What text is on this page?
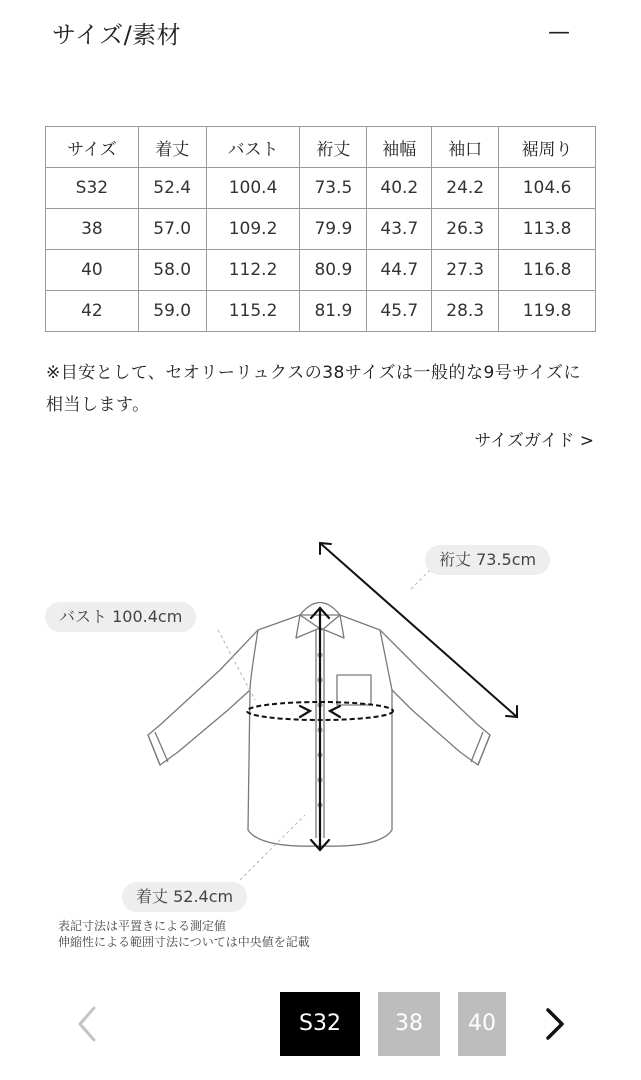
サイズ/素材	—
サイズ	着丈	バスト	裄丈	袖幅	袖口	裾周り
S32	52.4	100.4	73.5	40.2	24.2	104.6
38	57.0	109.2	79.9	43.7	26.3	113.8
40	58.0	112.2	80.9	44.7	27.3	116.8
42	59.0	115.2	81.9	45.7	28.3	119.8
※目安として、セオリーリュクスの38サイズは一般的な9号サイズに相当します。
サイズガイド >
裄丈 73.5cm
バスト 100.4cm
着丈 52.4cm
表記寸法は平置きによる測定値
伸縮性による範囲寸法については中央値を記載
S32	38	40
